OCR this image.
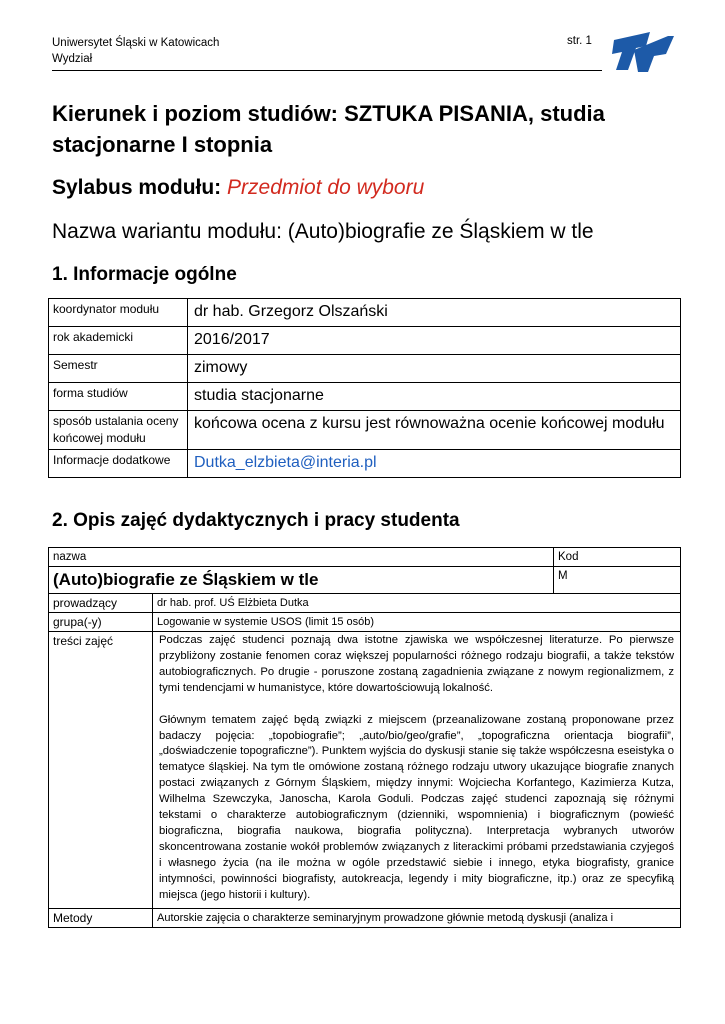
Uniwersytet Śląski w Katowicach
Wydział
str. 1
Kierunek i poziom studiów: SZTUKA PISANIA, studia stacjonarne I stopnia
Sylabus modułu: Przedmiot do wyboru
Nazwa wariantu modułu: (Auto)biografie ze Śląskiem w tle
1. Informacje ogólne
koordynator modułu	dr hab. Grzegorz Olszański
rok akademicki	2016/2017
Semestr	zimowy
forma studiów	studia stacjonarne
sposób ustalania oceny końcowej modułu	końcowa ocena z kursu jest równoważna ocenie końcowej modułu
Informacje dodatkowe	Dutka_elzbieta@interia.pl
2. Opis zajęć dydaktycznych i pracy studenta
nazwa		Kod
(Auto)biografie ze Śląskiem w tle		M
prowadzący	dr hab. prof. UŚ Elżbieta Dutka	
grupa(-y)	Logowanie w systemie USOS (limit 15 osób)	
treści zajęć	Podczas zajęć studenci poznają dwa istotne zjawiska we współczesnej literaturze. Po pierwsze przybliżony zostanie fenomen coraz większej popularności różnego rodzaju biografii, a także tekstów autobiograficznych. Po drugie - poruszone zostaną zagadnienia związane z nowym regionalizmem, z tymi tendencjami w humanistyce, które dowartościowują lokalność.

Głównym tematem zajęć będą związki z miejscem (przeanalizowane zostaną proponowane przez badaczy pojęcia: „topobiografie”; „auto/bio/geo/grafie”, „topograficzna orientacja biografii”, „doświadczenie topograficzne”). Punktem wyjścia do dyskusji stanie się także współczesna eseistyka o tematyce śląskiej. Na tym tle omówione zostaną różnego rodzaju utwory ukazujące biografie znanych postaci związanych z Górnym Śląskiem, między innymi: Wojciecha Korfantego, Kazimierza Kutza, Wilhelma Szewczyka, Janoscha, Karola Goduli. Podczas zajęć studenci zapoznają się różnymi tekstami o charakterze autobiograficznym (dzienniki, wspomnienia) i biograficznym (powieść biograficzna, biografia naukowa, biografia polityczna). Interpretacja wybranych utworów skoncentrowana zostanie wokół problemów związanych z literackimi próbami przedstawiania czyjegoś i własnego życia (na ile można w ogóle przedstawić siebie i innego, etyka biografisty, granice intymności, powinności biografisty, autokreacja, legendy i mity biograficzne, itp.) oraz ze specyfiką miejsca (jego historii i kultury).	

Metody	Autorskie zajęcia o charakterze seminaryjnym prowadzone głównie metodą dyskusji (analiza i	
